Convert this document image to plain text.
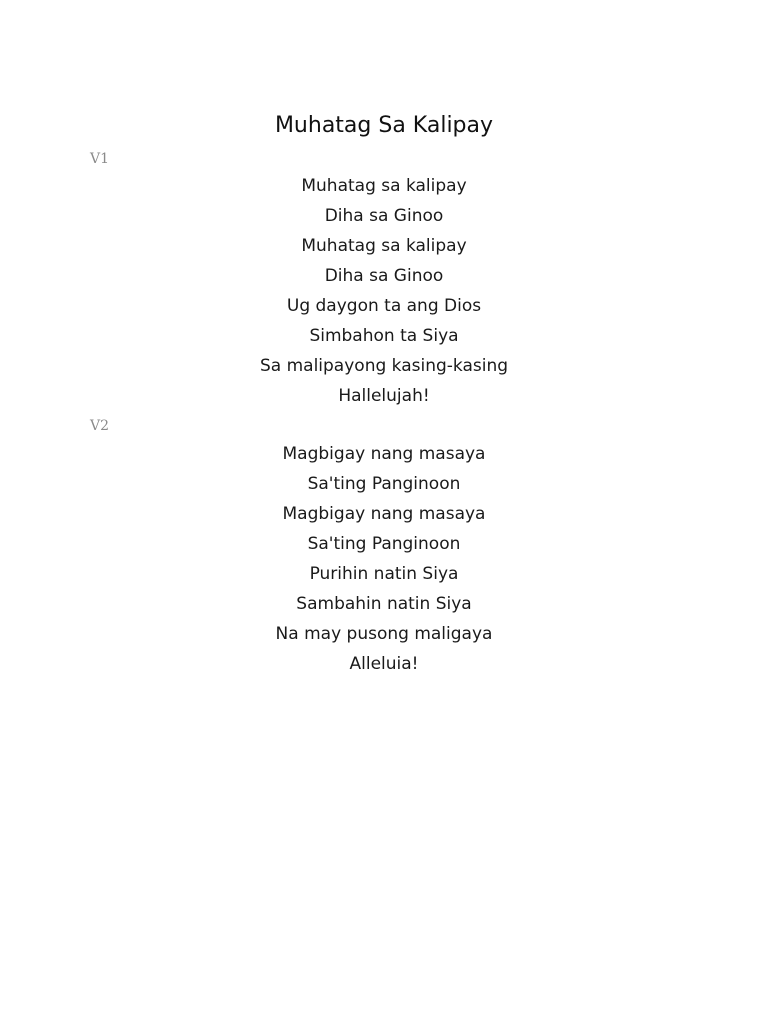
Muhatag Sa Kalipay
V1
Muhatag sa kalipay
Diha sa Ginoo
Muhatag sa kalipay
Diha sa Ginoo
Ug daygon ta ang Dios
Simbahon ta Siya
Sa malipayong kasing-kasing
Hallelujah!
V2
Magbigay nang masaya
Sa'ting Panginoon
Magbigay nang masaya
Sa'ting Panginoon
Purihin natin Siya
Sambahin natin Siya
Na may pusong maligaya
Alleluia!
